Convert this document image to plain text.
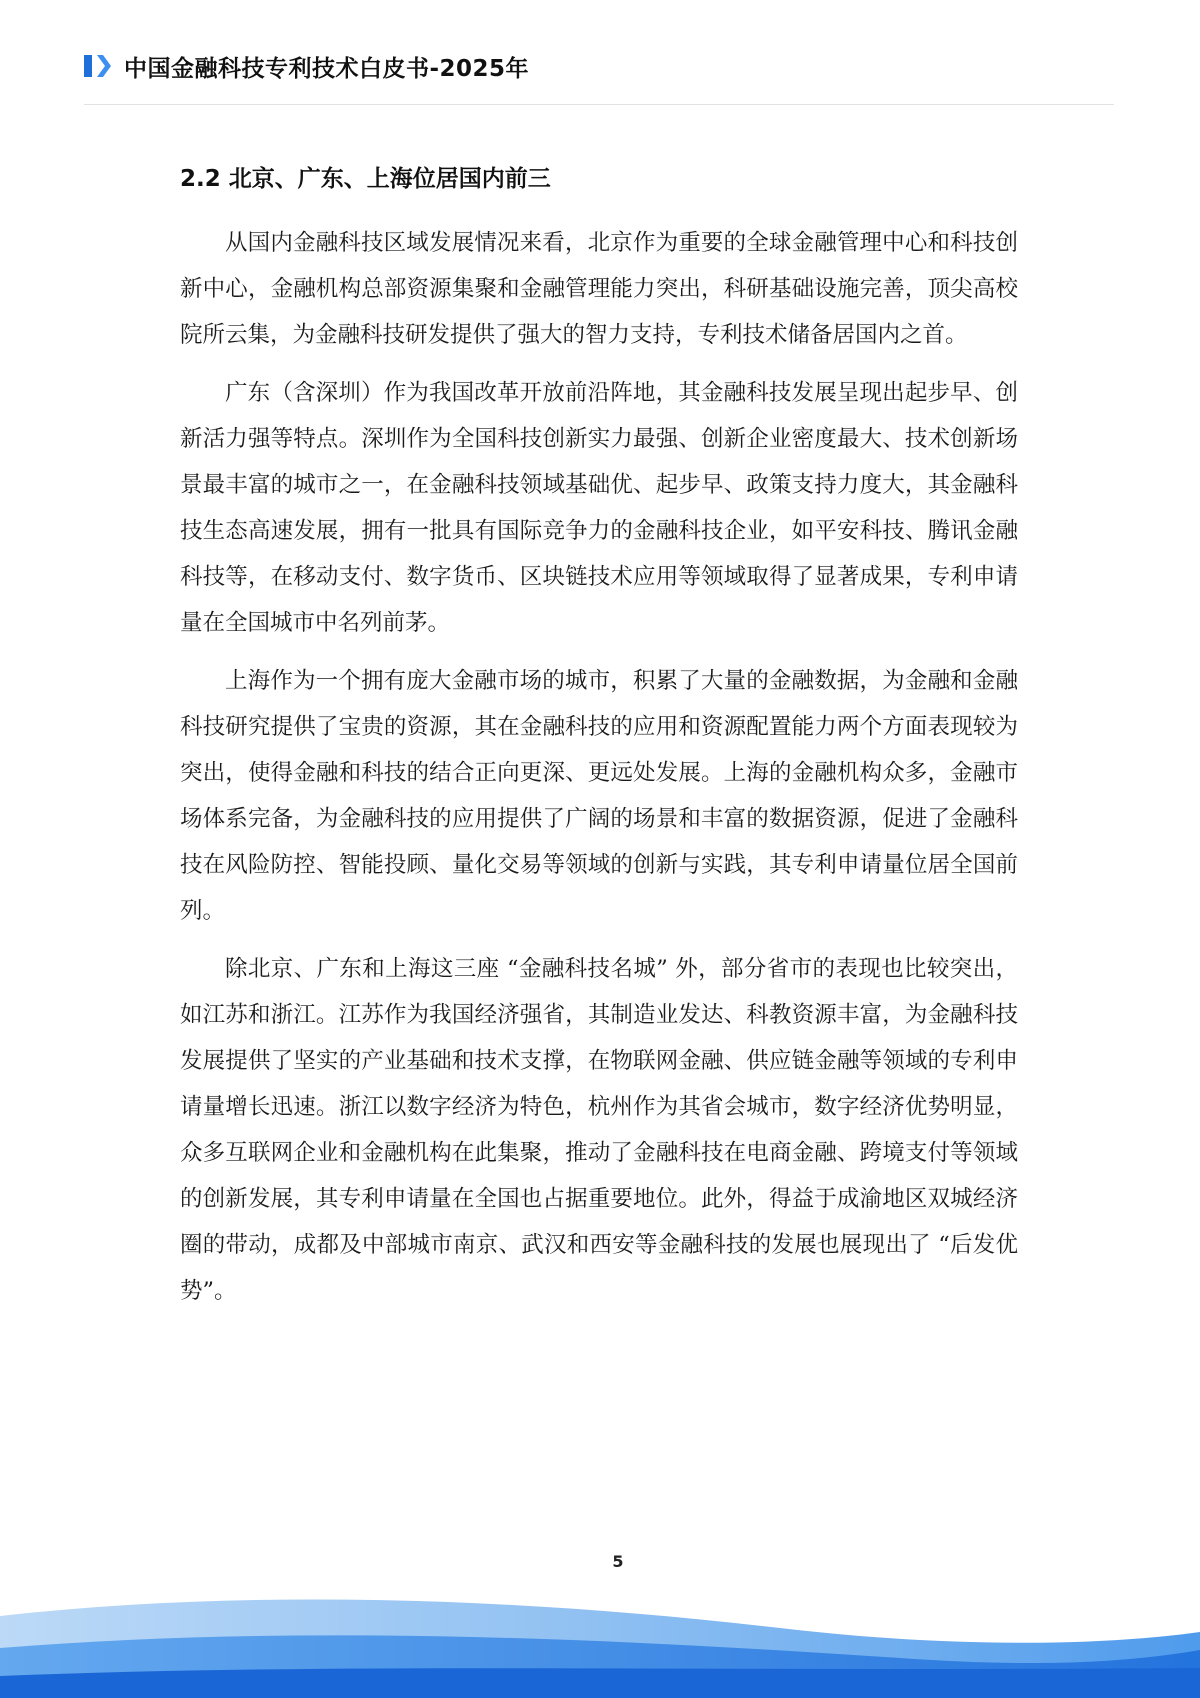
中国金融科技专利技术白皮书-2025年
2.2 北京、广东、上海位居国内前三

从国内金融科技区域发展情况来看，北京作为重要的全球金融管理中心和科技创新中心，金融机构总部资源集聚和金融管理能力突出，科研基础设施完善，顶尖高校院所云集，为金融科技研发提供了强大的智力支持，专利技术储备居国内之首。

广东（含深圳）作为我国改革开放前沿阵地，其金融科技发展呈现出起步早、创新活力强等特点。深圳作为全国科技创新实力最强、创新企业密度最大、技术创新场景最丰富的城市之一，在金融科技领域基础优、起步早、政策支持力度大，其金融科技生态高速发展，拥有一批具有国际竞争力的金融科技企业，如平安科技、腾讯金融科技等，在移动支付、数字货币、区块链技术应用等领域取得了显著成果，专利申请量在全国城市中名列前茅。

上海作为一个拥有庞大金融市场的城市，积累了大量的金融数据，为金融和金融科技研究提供了宝贵的资源，其在金融科技的应用和资源配置能力两个方面表现较为突出，使得金融和科技的结合正向更深、更远处发展。上海的金融机构众多，金融市场体系完备，为金融科技的应用提供了广阔的场景和丰富的数据资源，促进了金融科技在风险防控、智能投顾、量化交易等领域的创新与实践，其专利申请量位居全国前列。

除北京、广东和上海这三座 “金融科技名城” 外，部分省市的表现也比较突出，如江苏和浙江。江苏作为我国经济强省，其制造业发达、科教资源丰富，为金融科技发展提供了坚实的产业基础和技术支撑，在物联网金融、供应链金融等领域的专利申请量增长迅速。浙江以数字经济为特色，杭州作为其省会城市，数字经济优势明显，众多互联网企业和金融机构在此集聚，推动了金融科技在电商金融、跨境支付等领域的创新发展，其专利申请量在全国也占据重要地位。此外，得益于成渝地区双城经济圈的带动，成都及中部城市南京、武汉和西安等金融科技的发展也展现出了 “后发优势”。

5
